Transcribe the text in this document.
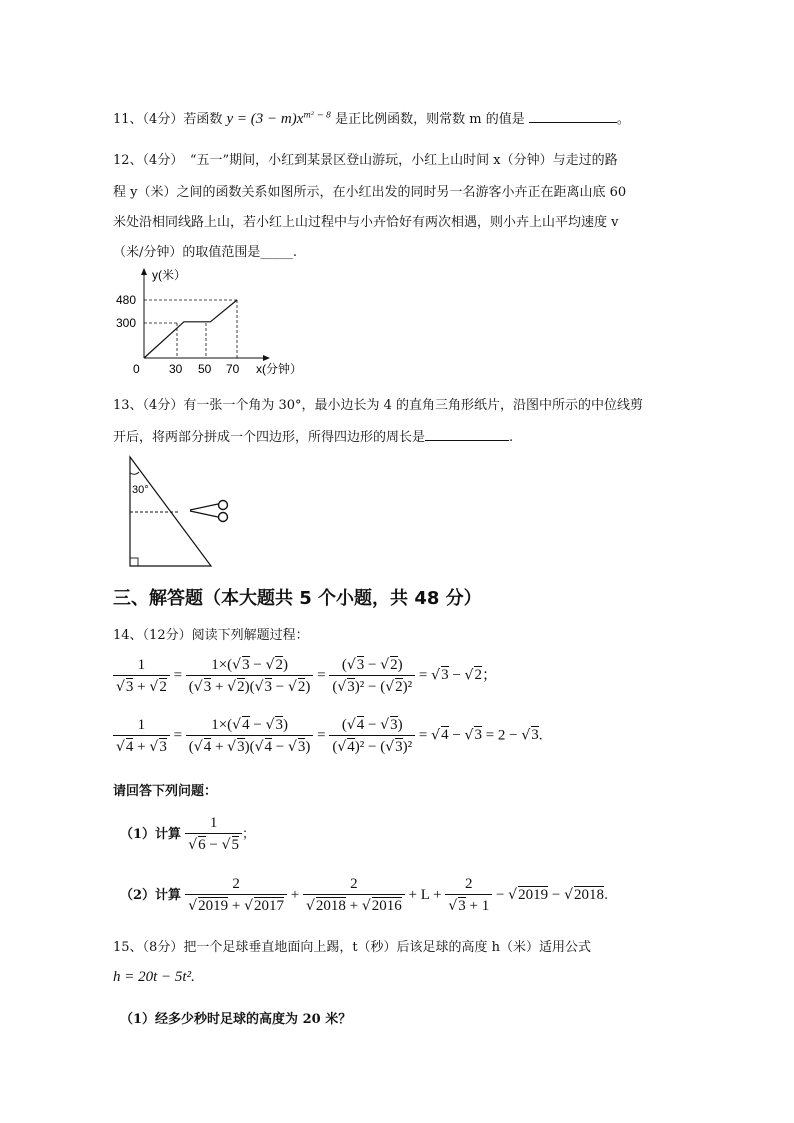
11、（4分）若函数 $y = (3 - m)x^{m^2 - 8}$ 是正比例函数，则常数 m 的值是	。
12、（4分）　“五一”期间，小红到某景区登山游玩，小红上山时间 x（分钟）与走过的路
程 y（米）之间的函数关系如图所示，在小红出发的同时另一名游客小卉正在距离山底 60
米处沿相同线路上山，若小红上山过程中与小卉恰好有两次相遇，则小卉上山平均速度 v
（米/分钟）的取值范围是_____.
y(米）
480
300
0 30 50 70 x(分钟）
13、（4分）有一张一个角为 30°，最小边长为 4 的直角三角形纸片，沿图中所示的中位线剪
开后，将两部分拼成一个四边形，所得四边形的周长是	.
30°
三、解答题（本大题共 5 个小题，共 48 分）
14、（12分）阅读下列解题过程：
$\frac{1}{√3 + √2} = \frac{1\times(√3 - √2)}{(√3 + √2)(√3 - √2)} = \frac{(√3 - √2)}{\text{(√3)² − (√2)²}} = √3 - √2$；
$\frac{1}{√4 + √3} = \frac{1\times(√4 - √3)}{(√4 + √3)(√4 - √3)} = \frac{(√4 - √3)}{\text{(√4)² − (√3)²}} = √4 - √3 = 2 - √3$.
请回答下列问题：
（1）计算 $\frac{1}{√6 - √5}$ ；
（2）计算 $\frac{2}{√2019 + √2017} + \frac{2}{√2018 + √2016} + L + \frac{2}{√3 + 1} - √2019 - √2018$.
15、（8分）把一个足球垂直地面向上踢，t（秒）后该足球的高度 h（米）适用公式
h = 20t − 5t².
（1）经多少秒时足球的高度为 20 米？
